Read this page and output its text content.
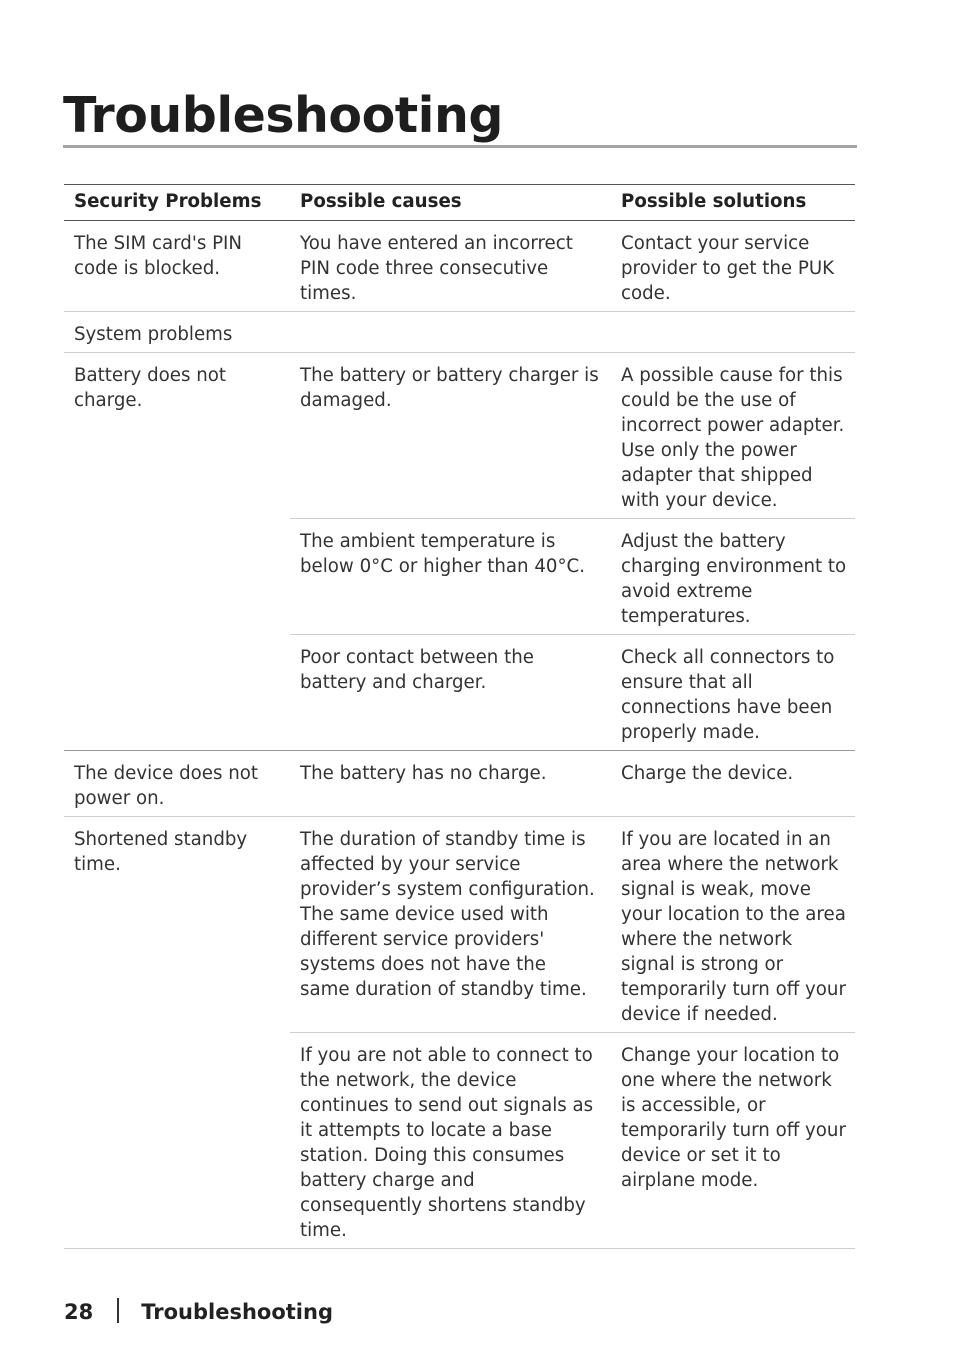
Troubleshooting
Security Problems	Possible causes	Possible solutions
The SIM card's PIN code is blocked.	You have entered an incorrect PIN code three consecutive times.	Contact your service provider to get the PUK code.
System problems		
Battery does not charge.	The battery or battery charger is damaged.	A possible cause for this could be the use of incorrect power adapter. Use only the power adapter that shipped with your device.
	The ambient temperature is below 0°C or higher than 40°C.	Adjust the battery charging environment to avoid extreme temperatures.
	Poor contact between the battery and charger.	Check all connectors to ensure that all connections have been properly made.
The device does not power on.	The battery has no charge.	Charge the device.
Shortened standby time.	The duration of standby time is affected by your service provider’s system configuration. The same device used with different service providers' systems does not have the same duration of standby time.	If you are located in an area where the network signal is weak, move your location to the area where the network signal is strong or temporarily turn off your device if needed.
	If you are not able to connect to the network, the device continues to send out signals as it attempts to locate a base station. Doing this consumes battery charge and consequently shortens standby time.	Change your location to one where the network is accessible, or temporarily turn off your device or set it to airplane mode.
28 Troubleshooting
